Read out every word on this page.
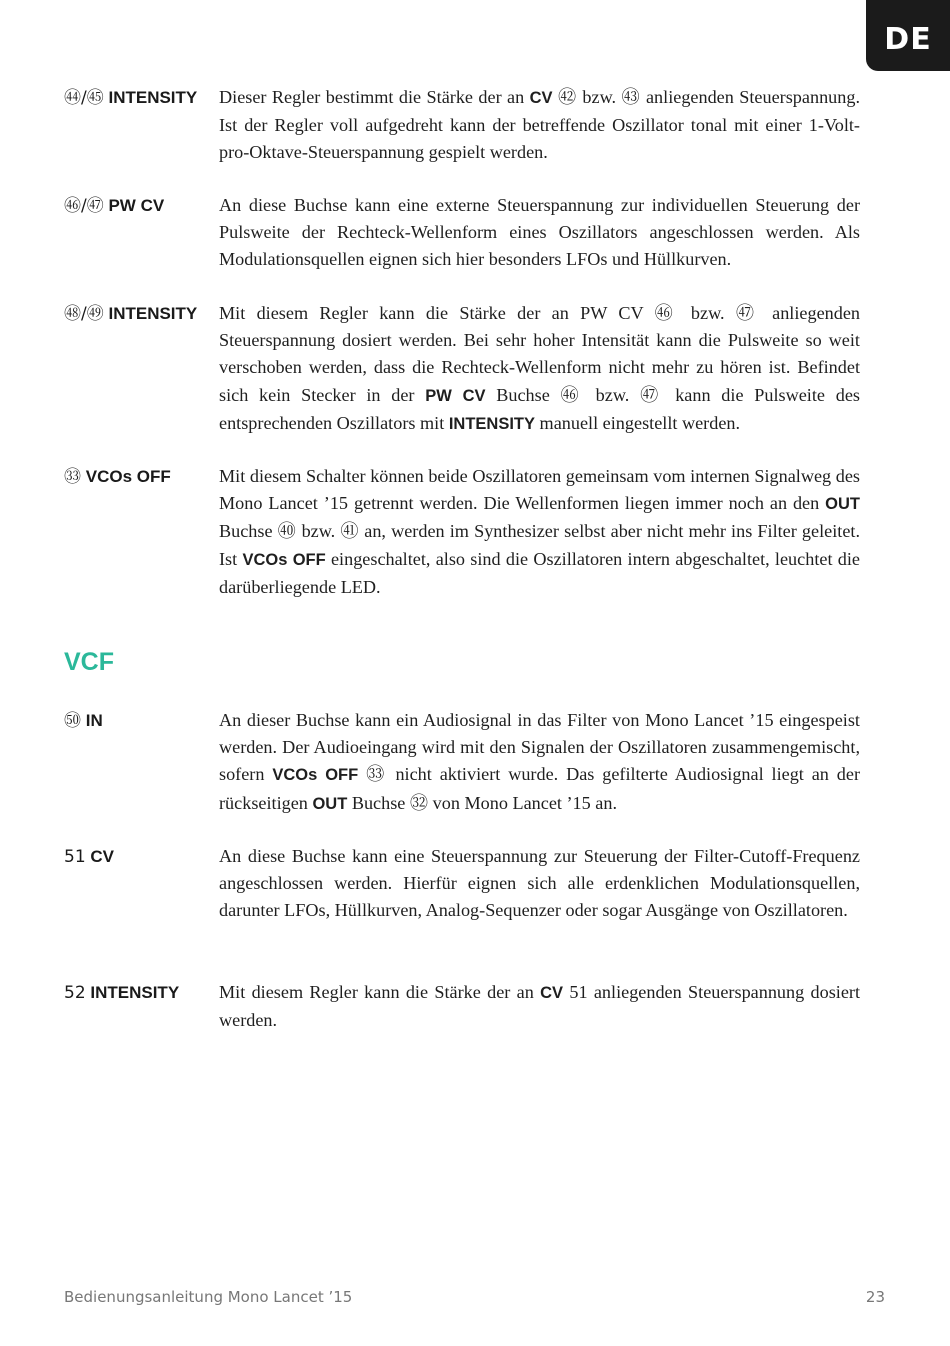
DE
㊹/㊺ INTENSITY	Dieser Regler bestimmt die Stärke der an CV ㊷ bzw. ㊸ anliegenden Steuerspannung. Ist der Regler voll aufgedreht kann der betreffende Oszillator tonal mit einer 1-Volt-pro-Oktave-Steuerspannung gespielt werden.
㊻/㊼ PW CV	An diese Buchse kann eine externe Steuerspannung zur individuellen Steuerung der Pulsweite der Rechteck-Wellenform eines Oszillators angeschlossen werden. Als Modulationsquellen eignen sich hier besonders LFOs und Hüllkurven.
㊽/㊾ INTENSITY	Mit diesem Regler kann die Stärke der an PW CV ㊻ bzw. ㊼ anliegenden Steuerspannung dosiert werden. Bei sehr hoher Intensität kann die Pulsweite so weit verschoben werden, dass die Rechteck-Wellenform nicht mehr zu hören ist. Befindet sich kein Stecker in der PW CV Buchse ㊻ bzw. ㊼ kann die Pulsweite des entsprechenden Oszillators mit INTENSITY manuell eingestellt werden.
㉝ VCOs OFF	Mit diesem Schalter können beide Oszillatoren gemeinsam vom internen Signalweg des Mono Lancet ’15 getrennt werden. Die Wellenformen liegen immer noch an den OUT Buchse ㊵ bzw. ㊶ an, werden im Synthesizer selbst aber nicht mehr ins Filter geleitet. Ist VCOs OFF eingeschaltet, also sind die Oszillatoren intern abgeschaltet, leuchtet die darüberliegende LED.
VCF
㊿ IN	An dieser Buchse kann ein Audiosignal in das Filter von Mono Lancet ’15 eingespeist werden. Der Audioeingang wird mit den Signalen der Oszillatoren zusammengemischt, sofern VCOs OFF ㉝ nicht aktiviert wurde. Das gefilterte Audiosignal liegt an der rückseitigen OUT Buchse ㉜ von Mono Lancet ’15 an.
51 CV	An diese Buchse kann eine Steuerspannung zur Steuerung der Filter-Cutoff-Frequenz angeschlossen werden. Hierfür eignen sich alle erdenklichen Modulationsquellen, darunter LFOs, Hüllkurven, Analog-Sequenzer oder sogar Ausgänge von Oszillatoren.
52 INTENSITY	Mit diesem Regler kann die Stärke der an CV 51 anliegenden Steuerspannung dosiert werden.
Bedienungsanleitung Mono Lancet ’15	23
